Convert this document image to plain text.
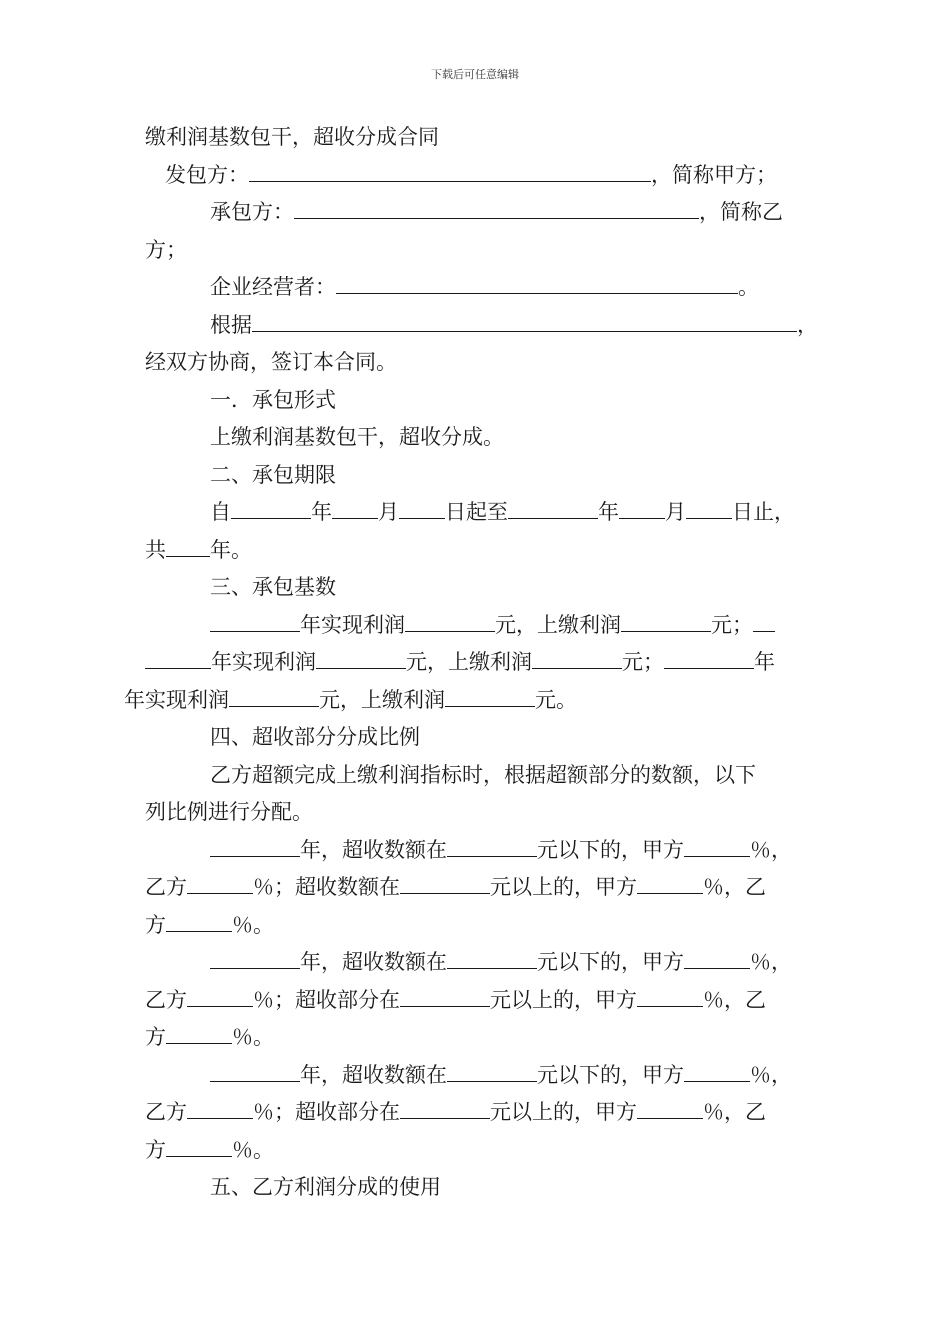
下载后可任意编辑
缴利润基数包干，超收分成合同
发包方：	，简称甲方；
承包方：	，简称乙
方；
企业经营者：	。
根据	，
经双方协商，签订本合同。
一．承包形式
上缴利润基数包干，超收分成。
二、承包期限
自	年 月 日起至	年 月 日止，
共 年。
三、承包基数
年实现利润	元，上缴利润	元；
年实现利润	元，上缴利润	元；	年
年实现利润	元，上缴利润	元。
四、超收部分分成比例
乙方超额完成上缴利润指标时，根据超额部分的数额，以下
列比例进行分配。
年，超收数额在	元以下的，甲方	％，
乙方	％；超收数额在	元以上的，甲方	％，乙
方	％。
年，超收数额在	元以下的，甲方	％，
乙方	％；超收部分在	元以上的，甲方	％，乙
方	％。
年，超收数额在	元以下的，甲方	％，
乙方	％；超收部分在	元以上的，甲方	％，乙
方	％。
五、乙方利润分成的使用
